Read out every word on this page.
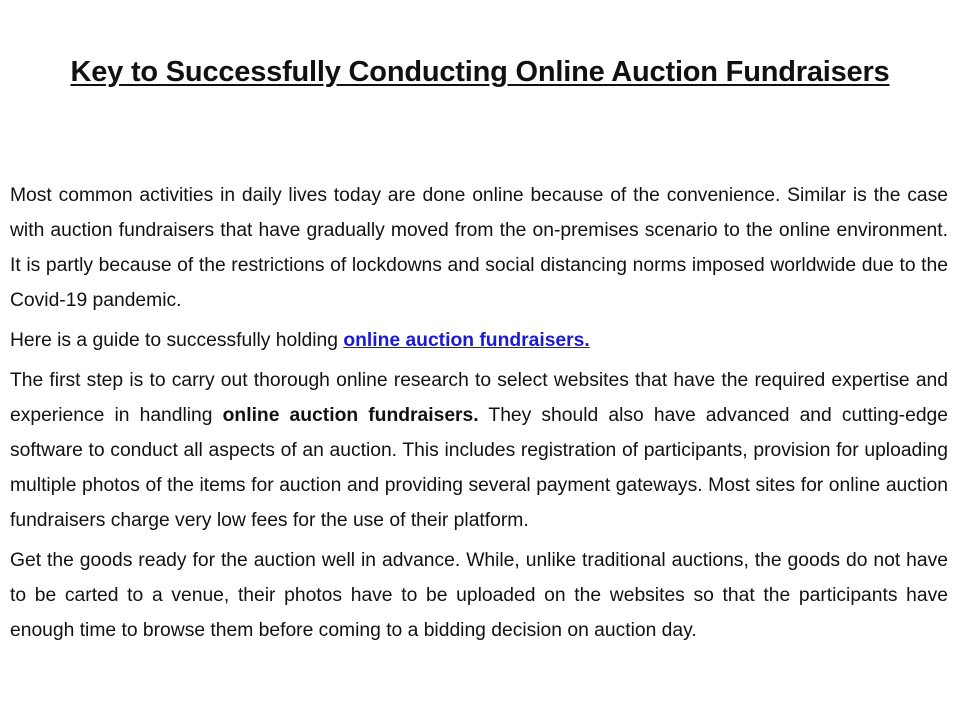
Key to Successfully Conducting Online Auction Fundraisers

Most common activities in daily lives today are done online because of the convenience. Similar is the case with auction fundraisers that have gradually moved from the on-premises scenario to the online environment. It is partly because of the restrictions of lockdowns and social distancing norms imposed worldwide due to the Covid-19 pandemic.

Here is a guide to successfully holding online auction fundraisers.

The first step is to carry out thorough online research to select websites that have the required expertise and experience in handling online auction fundraisers. They should also have advanced and cutting-edge software to conduct all aspects of an auction. This includes registration of participants, provision for uploading multiple photos of the items for auction and providing several payment gateways. Most sites for online auction fundraisers charge very low fees for the use of their platform.

Get the goods ready for the auction well in advance. While, unlike traditional auctions, the goods do not have to be carted to a venue, their photos have to be uploaded on the websites so that the participants have enough time to browse them before coming to a bidding decision on auction day.
